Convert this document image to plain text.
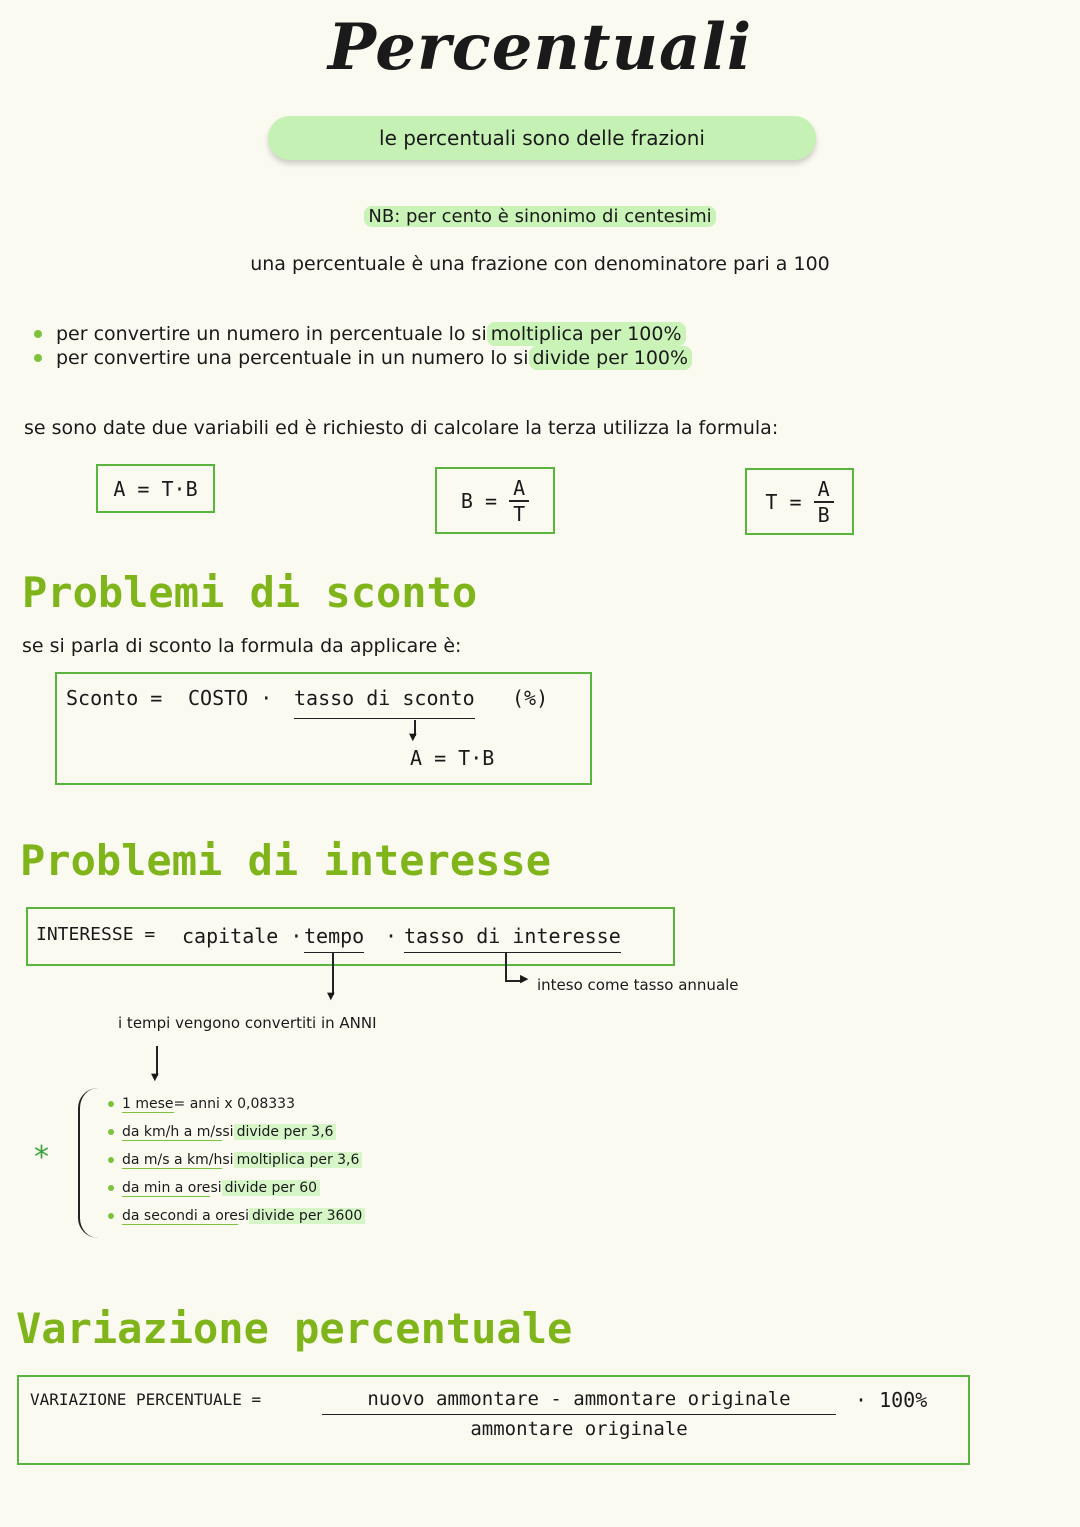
Percentuali
le percentuali sono delle frazioni
NB: per cento è sinonimo di centesimi
una percentuale è una frazione con denominatore pari a 100
per convertire un numero in percentuale lo si moltiplica per 100%
per convertire una percentuale in un numero lo si divide per 100%
se sono date due variabili ed è richiesto di calcolare la terza utilizza la formula:
A = T·B	B =
$\frac{A}{T}$	T =
$\frac{A}{B}$
Problemi di sconto
se si parla di sconto la formula da applicare è:
Sconto = COSTO · tasso di sconto (%)
▼
A = T·B
Problemi di interesse
INTERESSE = capitale · tempo · tasso di interesse
▼
▶ inteso come tasso annuale
i tempi vengono convertiti in ANNI
▼
*
1 mese = anni x 0,08333
da km/h a m/s si divide per 3,6
da m/s a km/h si moltiplica per 3,6
da min a ore si divide per 60
da secondi a ore si divide per 3600
Variazione percentuale
VARIAZIONE PERCENTUALE =	nuovo ammontare - ammontare originale
ammontare originale
· 100%
